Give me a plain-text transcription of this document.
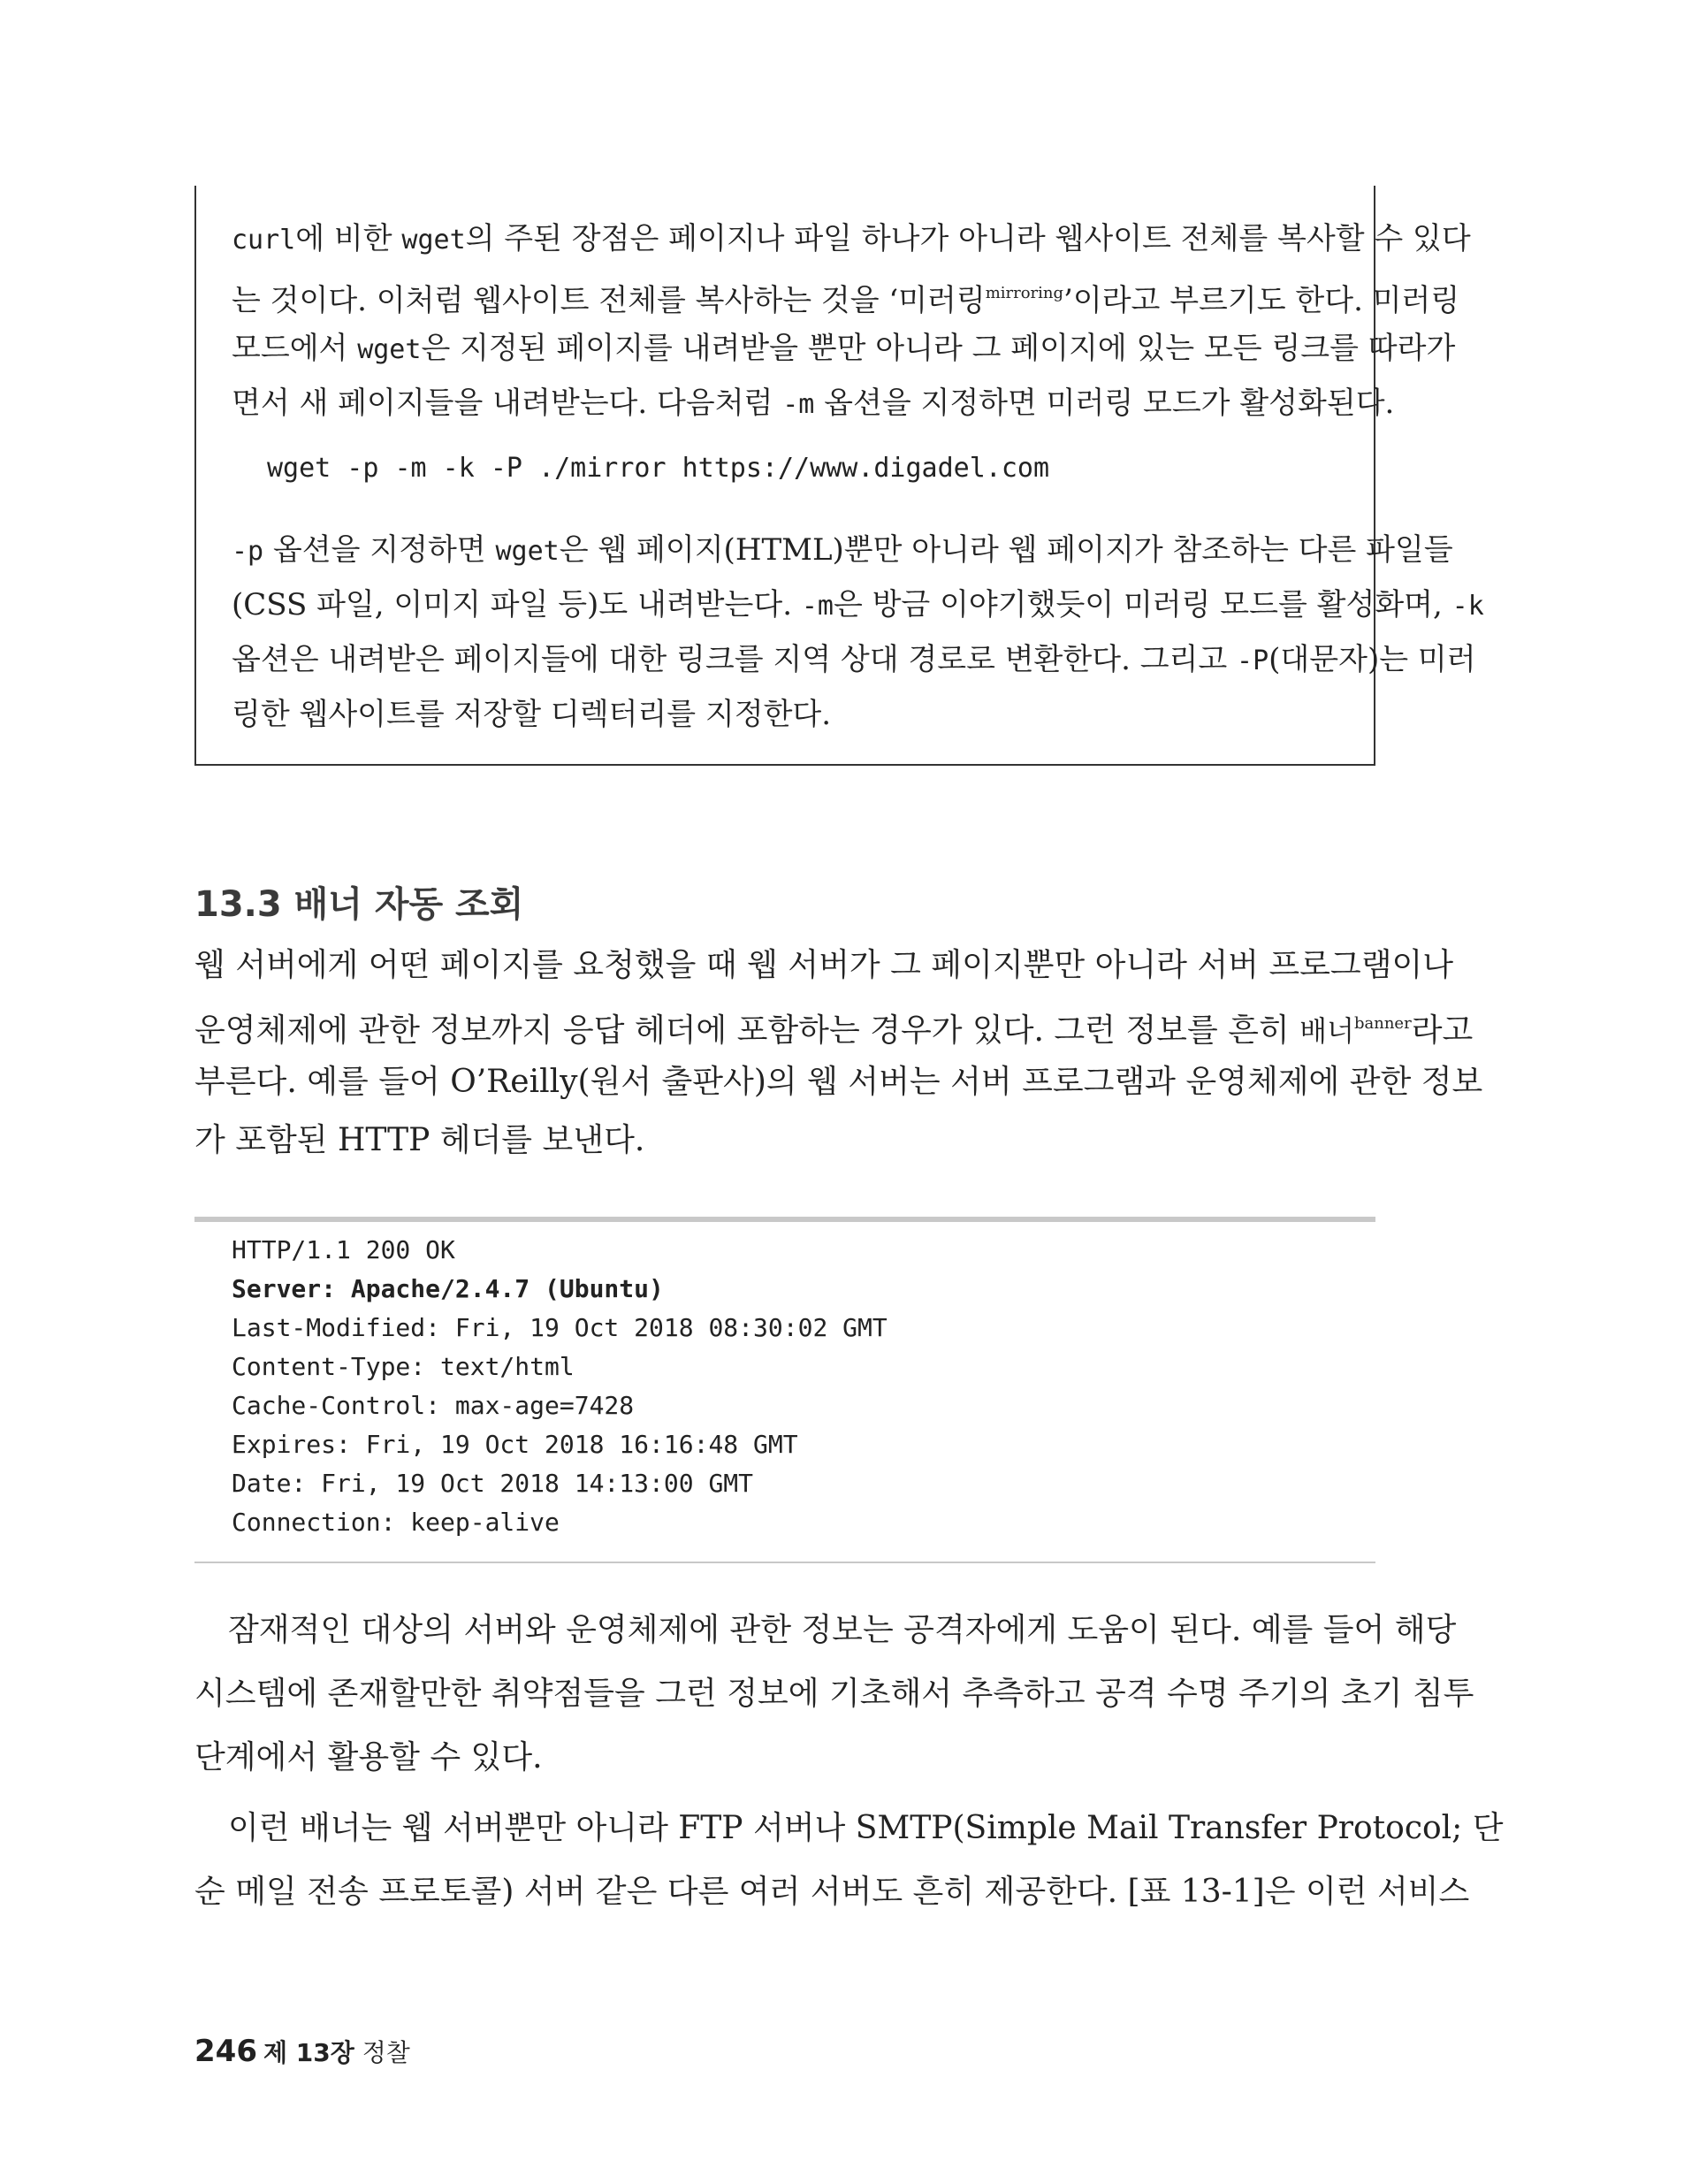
curl에 비한 wget의 주된 장점은 페이지나 파일 하나가 아니라 웹사이트 전체를 복사할 수 있다
는 것이다. 이처럼 웹사이트 전체를 복사하는 것을 ‘미러링$^{mirroring}$’이라고 부르기도 한다. 미러링
모드에서 wget은 지정된 페이지를 내려받을 뿐만 아니라 그 페이지에 있는 모든 링크를 따라가
면서 새 페이지들을 내려받는다. 다음처럼 -m 옵션을 지정하면 미러링 모드가 활성화된다.
wget -p -m -k -P ./mirror https://www.digadel.com
-p 옵션을 지정하면 wget은 웹 페이지(HTML)뿐만 아니라 웹 페이지가 참조하는 다른 파일들
(CSS 파일, 이미지 파일 등)도 내려받는다. -m은 방금 이야기했듯이 미러링 모드를 활성화며, -k
옵션은 내려받은 페이지들에 대한 링크를 지역 상대 경로로 변환한다. 그리고 -P(대문자)는 미러
링한 웹사이트를 저장할 디렉터리를 지정한다.
13.3 배너 자동 조회
웹 서버에게 어떤 페이지를 요청했을 때 웹 서버가 그 페이지뿐만 아니라 서버 프로그램이나
운영체제에 관한 정보까지 응답 헤더에 포함하는 경우가 있다. 그런 정보를 흔히 배너$^{banner}$라고
부른다. 예를 들어 O’Reilly(원서 출판사)의 웹 서버는 서버 프로그램과 운영체제에 관한 정보
가 포함된 HTTP 헤더를 보낸다.
HTTP/1.1 200 OK
Server: Apache/2.4.7 (Ubuntu)
Last-Modified: Fri, 19 Oct 2018 08:30:02 GMT
Content-Type: text/html
Cache-Control: max-age=7428
Expires: Fri, 19 Oct 2018 16:16:48 GMT
Date: Fri, 19 Oct 2018 14:13:00 GMT
Connection: keep-alive
잠재적인 대상의 서버와 운영체제에 관한 정보는 공격자에게 도움이 된다. 예를 들어 해당
시스템에 존재할만한 취약점들을 그런 정보에 기초해서 추측하고 공격 수명 주기의 초기 침투
단계에서 활용할 수 있다.
이런 배너는 웹 서버뿐만 아니라 FTP 서버나 SMTP(Simple Mail Transfer Protocol; 단
순 메일 전송 프로토콜) 서버 같은 다른 여러 서버도 흔히 제공한다. [표 13-1]은 이런 서비스
246 제 13장 정찰
